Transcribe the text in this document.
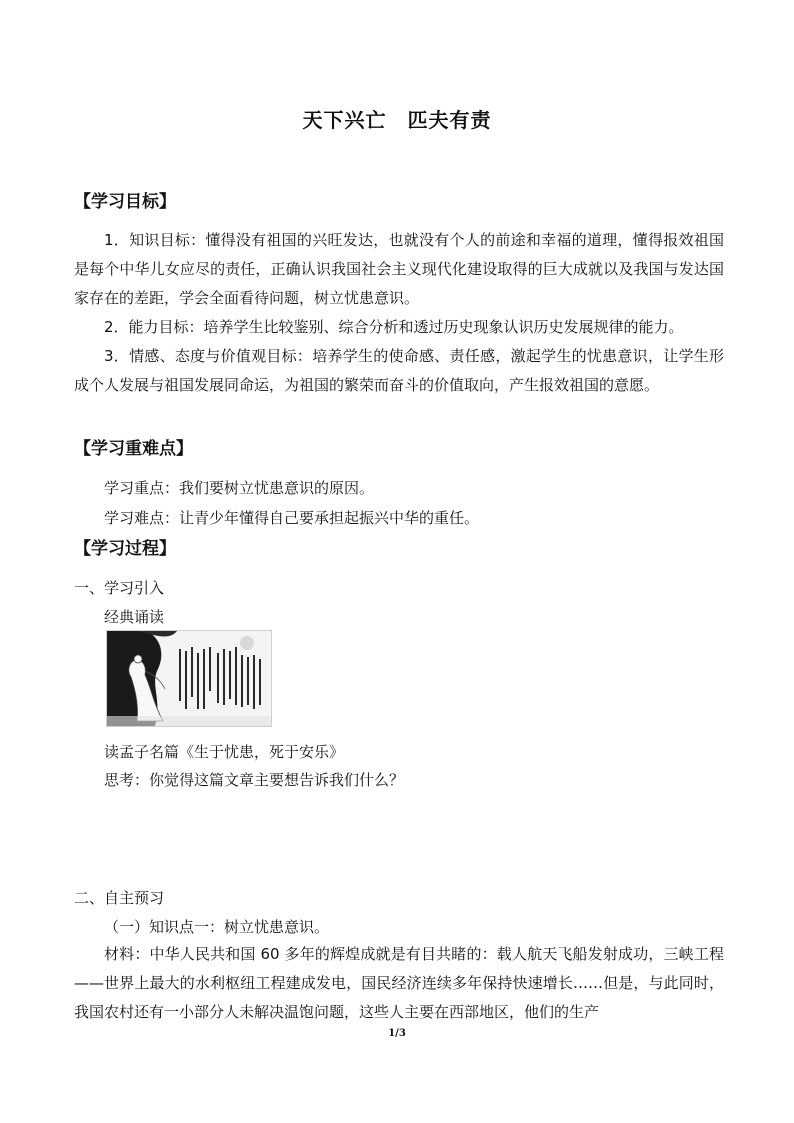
天下兴亡　匹夫有责
【学习目标】
1．知识目标：懂得没有祖国的兴旺发达，也就没有个人的前途和幸福的道理，懂得报效祖国是每个中华儿女应尽的责任，正确认识我国社会主义现代化建设取得的巨大成就以及我国与发达国家存在的差距，学会全面看待问题，树立忧患意识。
2．能力目标：培养学生比较鉴别、综合分析和透过历史现象认识历史发展规律的能力。
3．情感、态度与价值观目标：培养学生的使命感、责任感，激起学生的忧患意识，让学生形成个人发展与祖国发展同命运，为祖国的繁荣而奋斗的价值取向，产生报效祖国的意愿。
【学习重难点】
学习重点：我们要树立忧患意识的原因。
学习难点：让青少年懂得自己要承担起振兴中华的重任。
【学习过程】
一、学习引入
经典诵读
读孟子名篇《生于忧患，死于安乐》
思考：你觉得这篇文章主要想告诉我们什么？
二、自主预习
（一）知识点一：树立忧患意识。
材料：中华人民共和国 60 多年的辉煌成就是有目共睹的：载人航天飞船发射成功，三峡工程——世界上最大的水利枢纽工程建成发电，国民经济连续多年保持快速增长……但是，与此同时，我国农村还有一小部分人未解决温饱问题，这些人主要在西部地区，他们的生产
1/3
